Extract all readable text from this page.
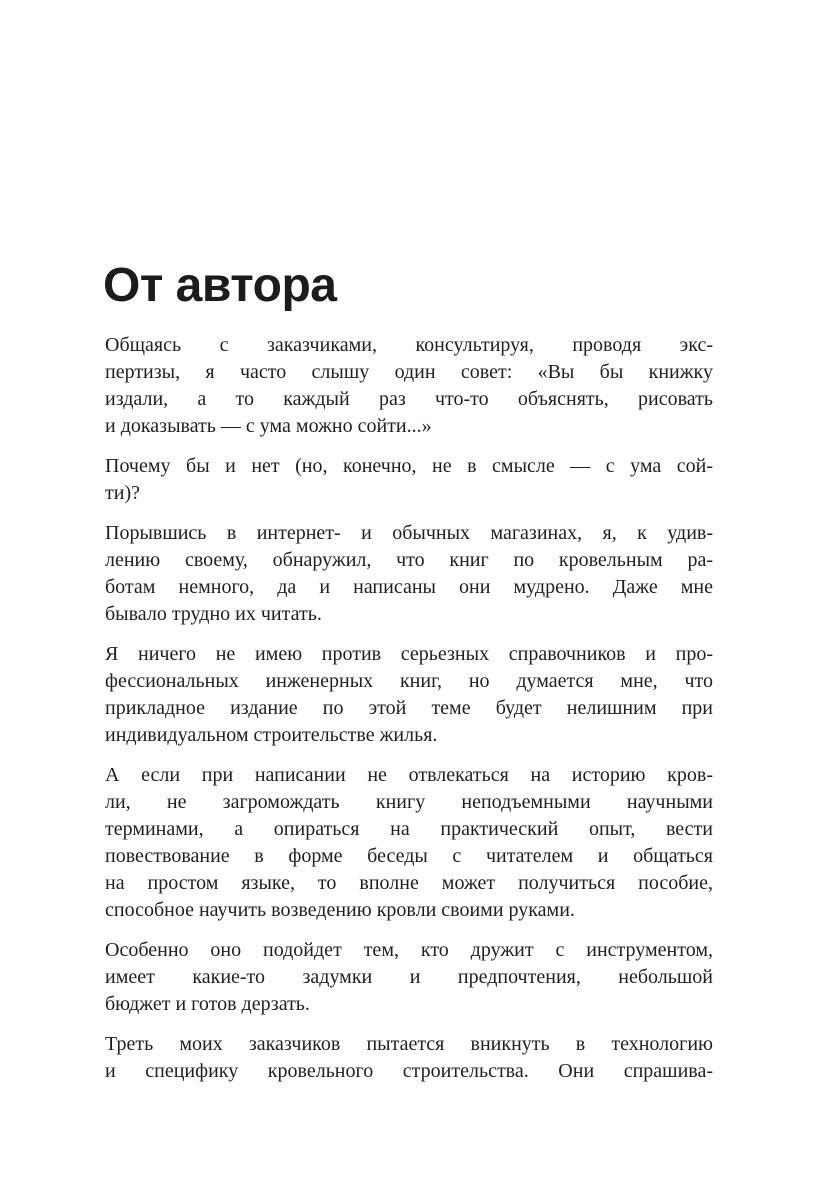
От автора
Общаясь с заказчиками, консультируя, проводя экс-
пертизы, я часто слышу один совет: «Вы бы книжку
издали, а то каждый раз что-то объяснять, рисовать
и доказывать — с ума можно сойти...»
Почему бы и нет (но, конечно, не в смысле — с ума сой-
ти)?
Порывшись в интернет- и обычных магазинах, я, к удив-
лению своему, обнаружил, что книг по кровельным ра-
ботам немного, да и написаны они мудрено. Даже мне
бывало трудно их читать.
Я ничего не имею против серьезных справочников и про-
фессиональных инженерных книг, но думается мне, что
прикладное издание по этой теме будет нелишним при
индивидуальном строительстве жилья.
А если при написании не отвлекаться на историю кров-
ли, не загромождать книгу неподъемными научными
терминами, а опираться на практический опыт, вести
повествование в форме беседы с читателем и общаться
на простом языке, то вполне может получиться пособие,
способное научить возведению кровли своими руками.
Особенно оно подойдет тем, кто дружит с инструментом,
имеет какие-то задумки и предпочтения, небольшой
бюджет и готов дерзать.
Треть моих заказчиков пытается вникнуть в технологию
и специфику кровельного строительства. Они спрашива-
